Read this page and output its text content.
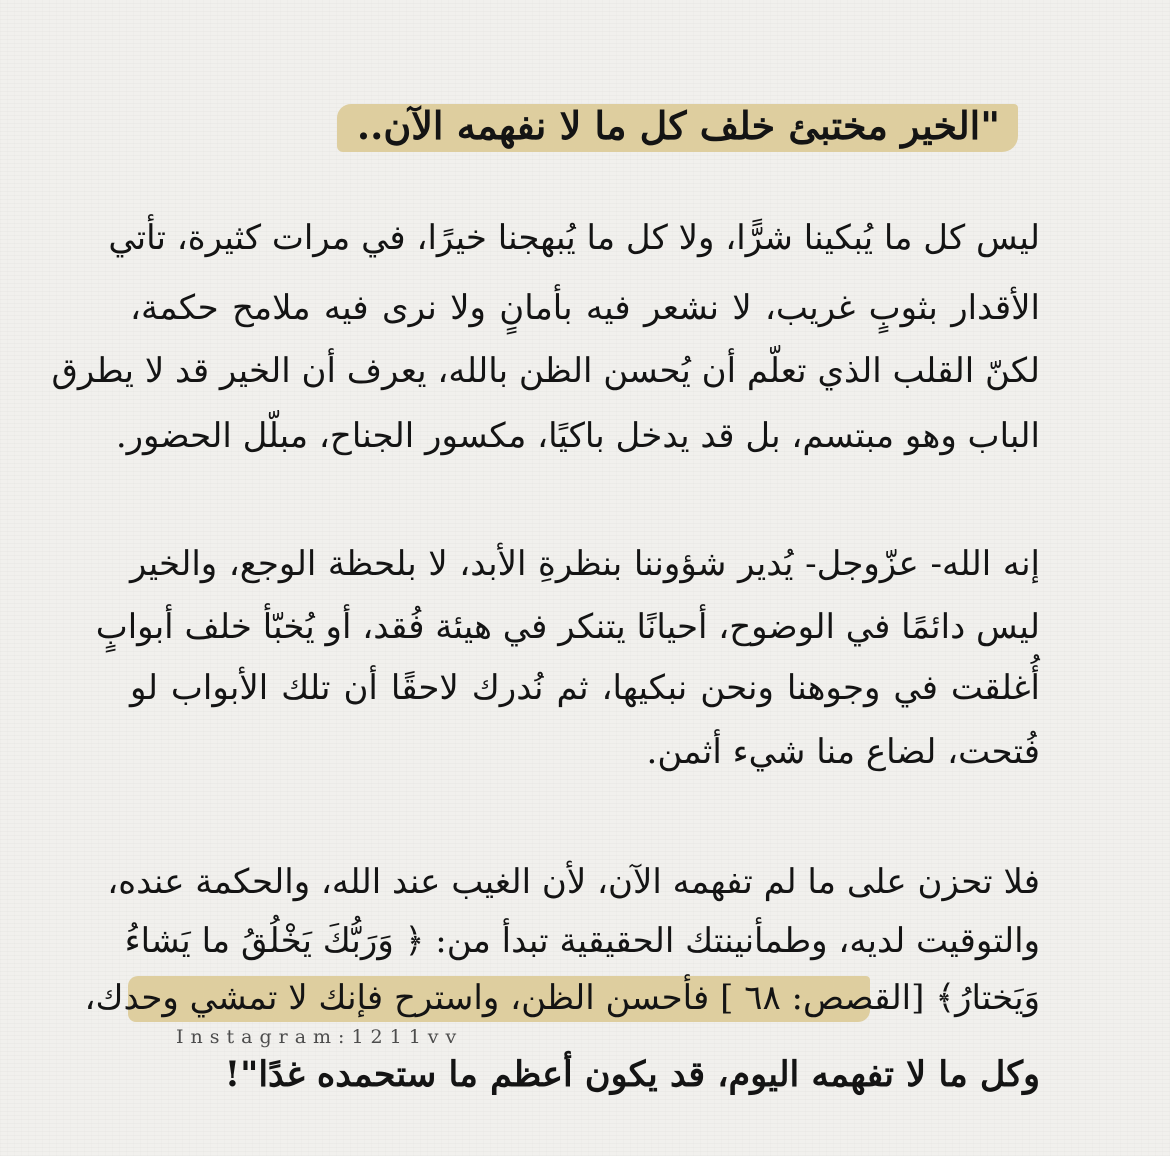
"الخير مختبئ خلف كل ما لا نفهمه الآن..
ليس كل ما يُبكينا شرًّا، ولا كل ما يُبهجنا خيرًا، في مرات كثيرة، تأتي
الأقدار بثوبٍ غريب، لا نشعر فيه بأمانٍ ولا نرى فيه ملامح حكمة،
لكنّ القلب الذي تعلّم أن يُحسن الظن بالله، يعرف أن الخير قد لا يطرق
الباب وهو مبتسم، بل قد يدخل باكيًا، مكسور الجناح، مبلّل الحضور.
إنه الله- عزّوجل- يُدير شؤوننا بنظرةِ الأبد، لا بلحظة الوجع، والخير
ليس دائمًا في الوضوح، أحيانًا يتنكر في هيئة فُقد، أو يُخبّأ خلف أبوابٍ
أُغلقت في وجوهنا ونحن نبكيها، ثم نُدرك لاحقًا أن تلك الأبواب لو
فُتحت، لضاع منا شيء أثمن.
فلا تحزن على ما لم تفهمه الآن، لأن الغيب عند الله، والحكمة عنده،
والتوقيت لديه، وطمأنينتك الحقيقية تبدأ من: ﴿ وَرَبُّكَ يَخْلُقُ ما يَشاءُ
وَيَختارُ﴾ [القصص: ٦٨ ] فأحسن الظن، واسترح فإنك لا تمشي وحدك،
Instagram:1211vv
وكل ما لا تفهمه اليوم، قد يكون أعظم ما ستحمده غدًا"!
